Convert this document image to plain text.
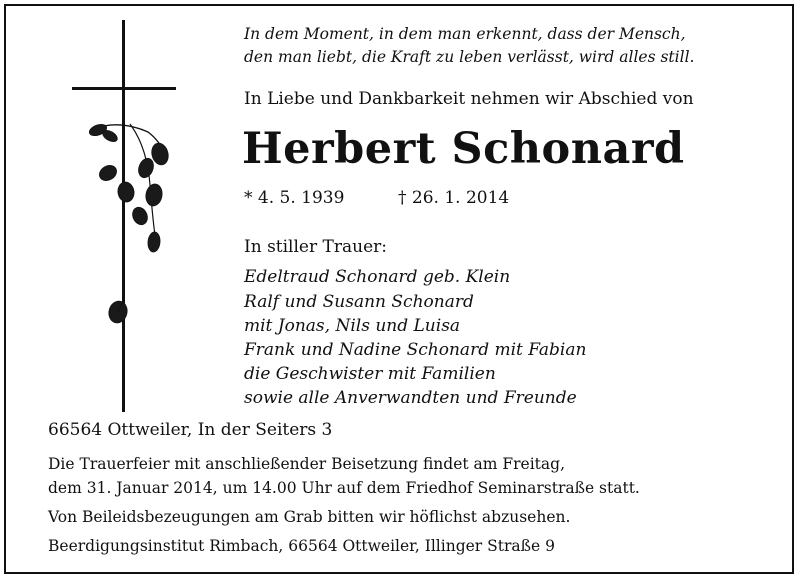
In dem Moment, in dem man erkennt, dass der Mensch,
den man liebt, die Kraft zu leben verlässt, wird alles still.
In Liebe und Dankbarkeit nehmen wir Abschied von
Herbert Schonard
* 4. 5. 1939	† 26. 1. 2014
In stiller Trauer:
Edeltraud Schonard geb. Klein
Ralf und Susann Schonard
mit Jonas, Nils und Luisa
Frank und Nadine Schonard mit Fabian
die Geschwister mit Familien
sowie alle Anverwandten und Freunde
66564 Ottweiler, In der Seiters 3
Die Trauerfeier mit anschließender Beisetzung findet am Freitag,
dem 31. Januar 2014, um 14.00 Uhr auf dem Friedhof Seminarstraße statt.
Von Beileidsbezeugungen am Grab bitten wir höflichst abzusehen.
Beerdigungsinstitut Rimbach, 66564 Ottweiler, Illinger Straße 9
